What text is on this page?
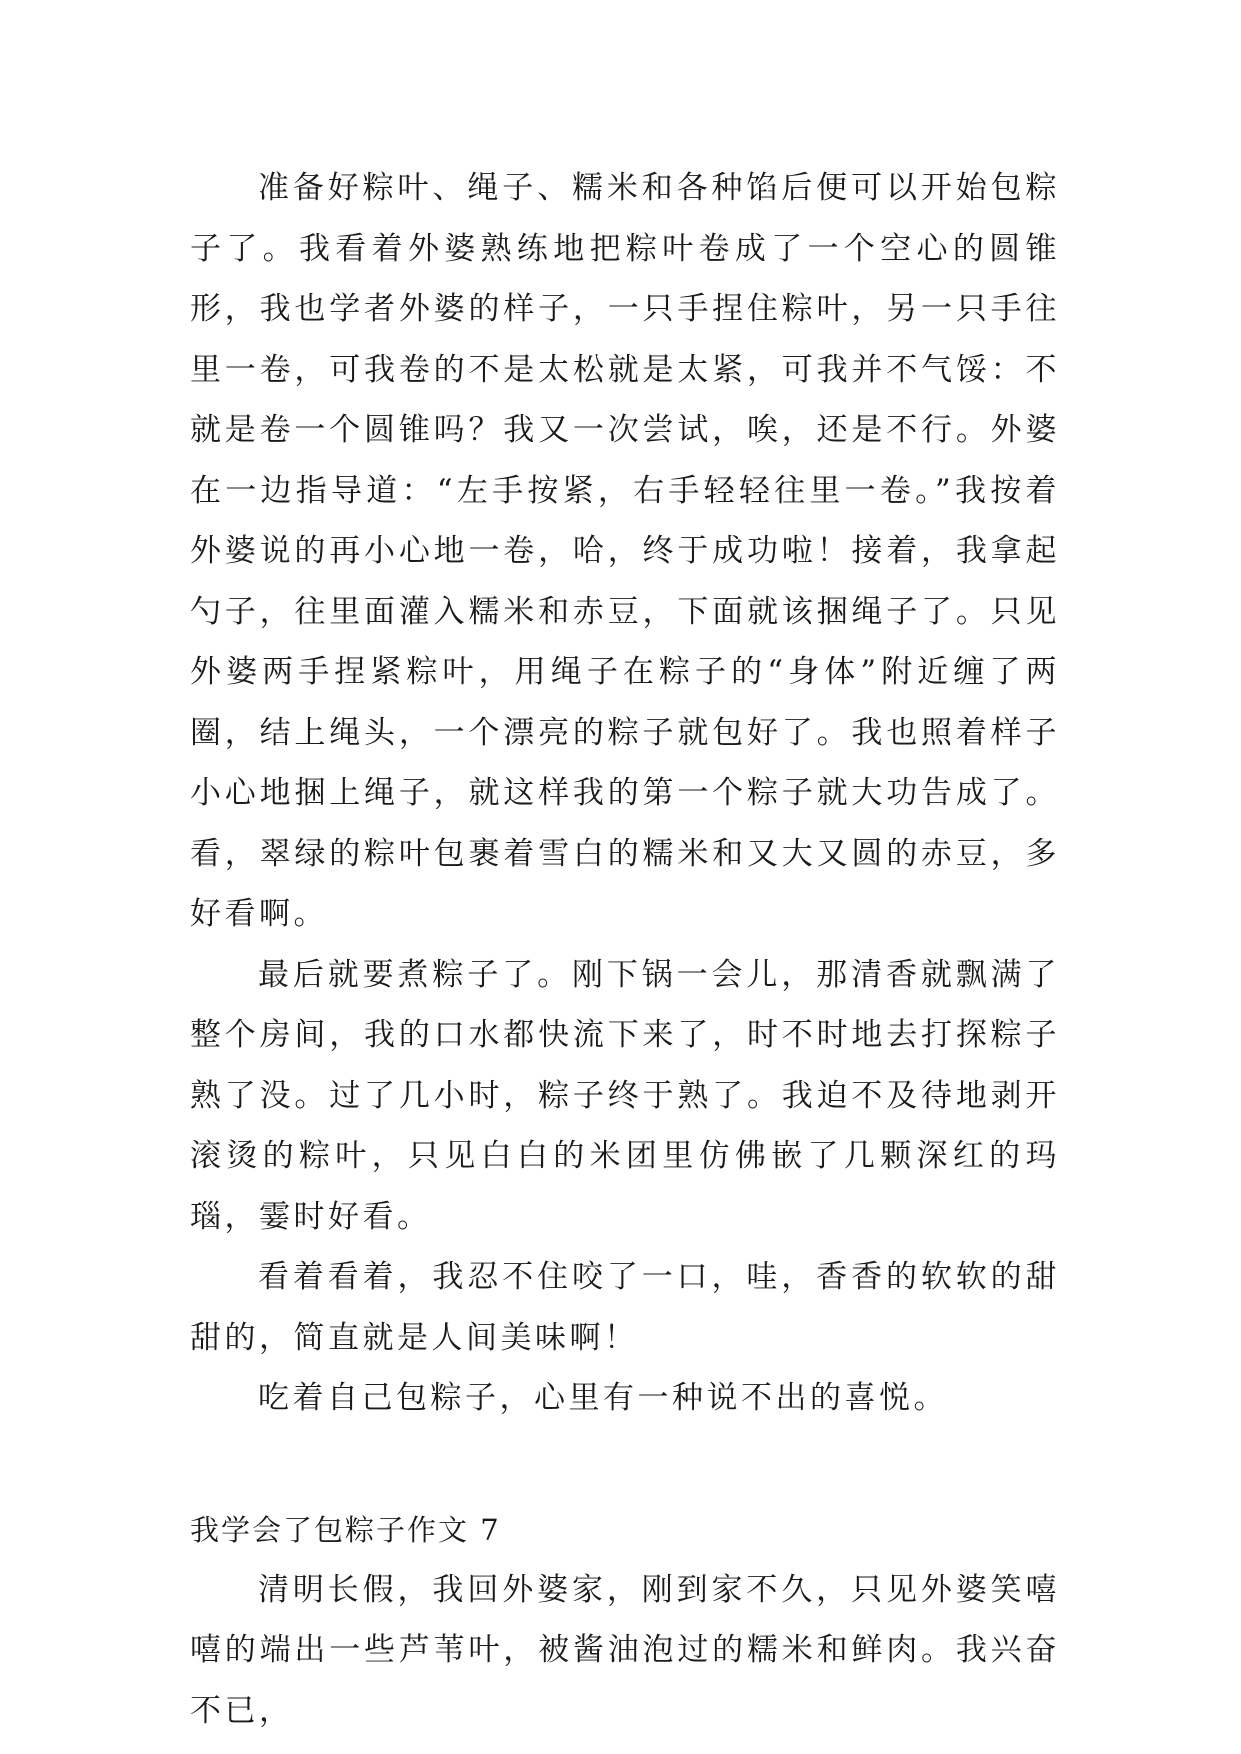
准备好粽叶、绳子、糯米和各种馅后便可以开始包粽子了。我看着外婆熟练地把粽叶卷成了一个空心的圆锥形，我也学者外婆的样子，一只手捏住粽叶，另一只手往里一卷，可我卷的不是太松就是太紧，可我并不气馁：不就是卷一个圆锥吗？我又一次尝试，唉，还是不行。外婆在一边指导道：“左手按紧，右手轻轻往里一卷。”我按着外婆说的再小心地一卷，哈，终于成功啦！接着，我拿起勺子，往里面灌入糯米和赤豆，下面就该捆绳子了。只见外婆两手捏紧粽叶，用绳子在粽子的“身体”附近缠了两圈，结上绳头，一个漂亮的粽子就包好了。我也照着样子小心地捆上绳子，就这样我的第一个粽子就大功告成了。看，翠绿的粽叶包裹着雪白的糯米和又大又圆的赤豆，多好看啊。

最后就要煮粽子了。刚下锅一会儿，那清香就飘满了整个房间，我的口水都快流下来了，时不时地去打探粽子熟了没。过了几小时，粽子终于熟了。我迫不及待地剥开滚烫的粽叶，只见白白的米团里仿佛嵌了几颗深红的玛瑙，霎时好看。

看着看着，我忍不住咬了一口，哇，香香的软软的甜甜的，简直就是人间美味啊！

吃着自己包粽子，心里有一种说不出的喜悦。

我学会了包粽子作文 7

清明长假，我回外婆家，刚到家不久，只见外婆笑嘻嘻的端出一些芦苇叶，被酱油泡过的糯米和鲜肉。我兴奋不已，
